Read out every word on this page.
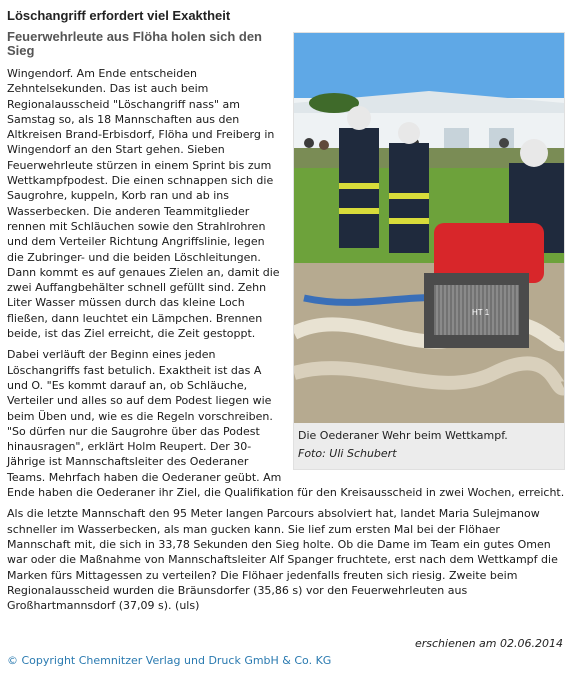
Löschangriff erfordert viel Exaktheit
HT 1
Die Oederaner Wehr beim Wettkampf.
Foto: Uli Schubert
Feuerwehrleute aus Flöha holen sich den Sieg

Wingendorf. Am Ende entscheiden Zehntelsekunden. Das ist auch beim Regionalausscheid "Löschangriff nass" am Samstag so, als 18 Mannschaften aus den Altkreisen Brand-Erbisdorf, Flöha und Freiberg in Wingendorf an den Start gehen. Sieben Feuerwehrleute stürzen in einem Sprint bis zum Wettkampfpodest. Die einen schnappen sich die Saugrohre, kuppeln, Korb ran und ab ins Wasserbecken. Die anderen Teammitglieder rennen mit Schläuchen sowie den Strahlrohren und dem Verteiler Richtung Angriffslinie, legen die Zubringer- und die beiden Löschleitungen. Dann kommt es auf genaues Zielen an, damit die zwei Auffangbehälter schnell gefüllt sind. Zehn Liter Wasser müssen durch das kleine Loch fließen, dann leuchtet ein Lämpchen. Brennen beide, ist das Ziel erreicht, die Zeit gestoppt.

Dabei verläuft der Beginn eines jeden Löschangriffs fast betulich. Exaktheit ist das A und O. "Es kommt darauf an, ob Schläuche, Verteiler und alles so auf dem Podest liegen wie beim Üben und, wie es die Regeln vorschreiben. "So dürfen nur die Saugrohre über das Podest hinausragen", erklärt Holm Reupert. Der 30-Jährige ist Mannschaftsleiter des Oederaner Teams. Mehrfach haben die Oederaner geübt. Am Ende haben die Oederaner ihr Ziel, die Qualifikation für den Kreisausscheid in zwei Wochen, erreicht.

Als die letzte Mannschaft den 95 Meter langen Parcours absolviert hat, landet Maria Sulejmanow schneller im Wasserbecken, als man gucken kann. Sie lief zum ersten Mal bei der Flöhaer Mannschaft mit, die sich in 33,78 Sekunden den Sieg holte. Ob die Dame im Team ein gutes Omen war oder die Maßnahme von Mannschaftsleiter Alf Spanger fruchtete, erst nach dem Wettkampf die Marken fürs Mittagessen zu verteilen? Die Flöhaer jedenfalls freuten sich riesig. Zweite beim Regionalausscheid wurden die Bräunsdorfer (35,86 s) vor den Feuerwehrleuten aus Großhartmannsdorf (37,09 s). (uls)

erschienen am 02.06.2014
© Copyright Chemnitzer Verlag und Druck GmbH & Co. KG
